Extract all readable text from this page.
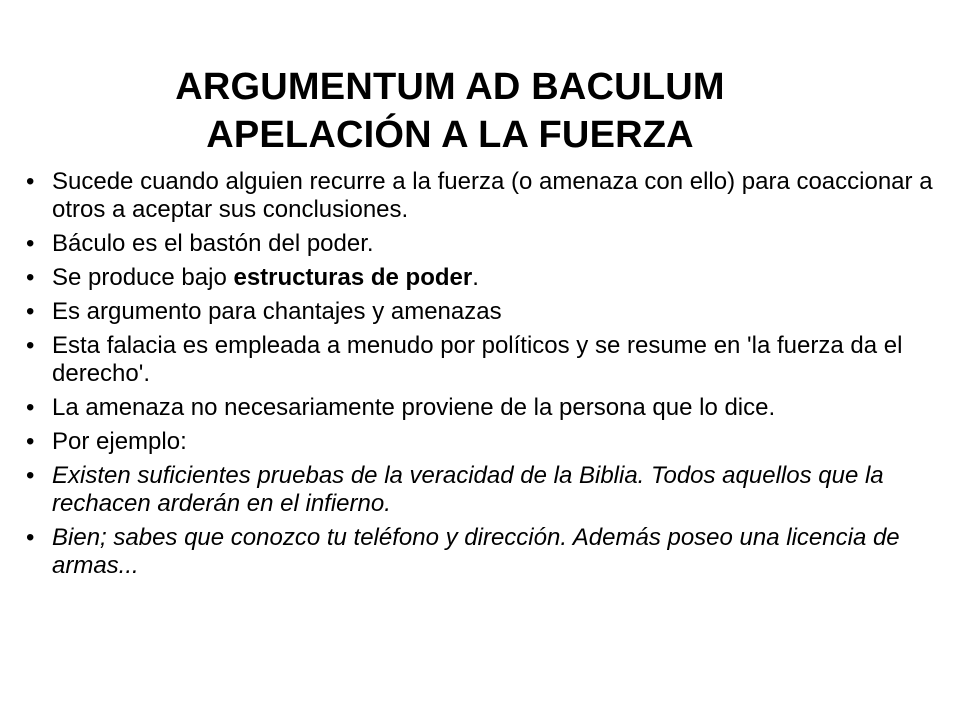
ARGUMENTUM AD BACULUM
APELACIÓN A LA FUERZA
• Sucede cuando alguien recurre a la fuerza (o amenaza con ello) para coaccionar a otros a aceptar sus conclusiones.
• Báculo es el bastón del poder.
• Se produce bajo estructuras de poder.
• Es argumento para chantajes y amenazas
• Esta falacia es empleada a menudo por políticos y se resume en 'la fuerza da el derecho'.
• La amenaza no necesariamente proviene de la persona que lo dice.
• Por ejemplo:
• Existen suficientes pruebas de la veracidad de la Biblia. Todos aquellos que la rechacen arderán en el infierno.
• Bien; sabes que conozco tu teléfono y dirección. Además poseo una licencia de armas...
